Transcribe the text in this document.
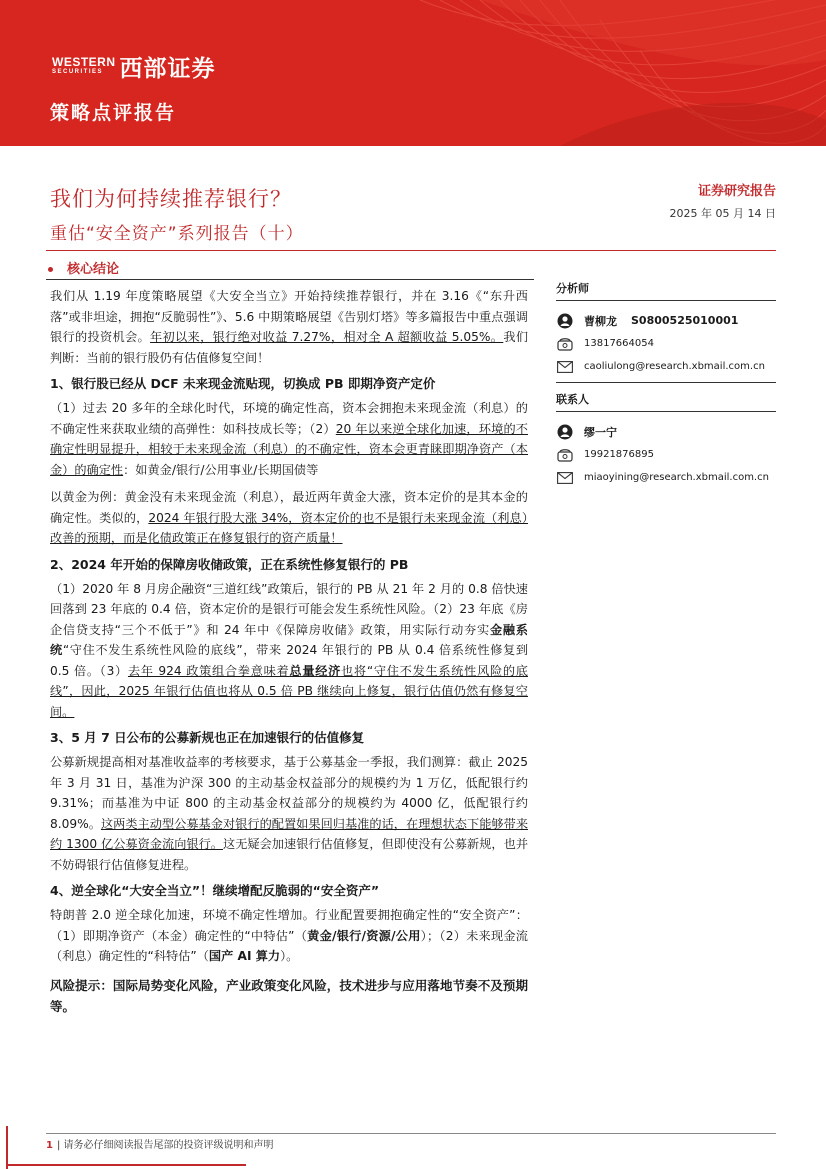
WESTERN
SECURITIES 西部证券
策略点评报告
我们为何持续推荐银行？
重估“安全资产”系列报告（十）
证券研究报告
2025 年 05 月 14 日
核心结论

我们从 1.19 年度策略展望《大安全当立》开始持续推荐银行，并在 3.16《“东升西落”或非坦途，拥抱“反脆弱性”》、5.6 中期策略展望《告别灯塔》等多篇报告中重点强调银行的投资机会。年初以来，银行绝对收益 7.27%，相对全 A 超额收益 5.05%。我们判断：当前的银行股仍有估值修复空间！

1、银行股已经从 DCF 未来现金流贴现，切换成 PB 即期净资产定价

（1）过去 20 多年的全球化时代，环境的确定性高，资本会拥抱未来现金流（利息）的不确定性来获取业绩的高弹性：如科技成长等；（2）20 年以来逆全球化加速，环境的不确定性明显提升，相较于未来现金流（利息）的不确定性，资本会更青睐即期净资产（本金）的确定性：如黄金/银行/公用事业/长期国债等

以黄金为例：黄金没有未来现金流（利息），最近两年黄金大涨，资本定价的是其本金的确定性。类似的，2024 年银行股大涨 34%，资本定价的也不是银行未来现金流（利息）改善的预期，而是化债政策正在修复银行的资产质量！

2、2024 年开始的保障房收储政策，正在系统性修复银行的 PB

（1）2020 年 8 月房企融资“三道红线”政策后，银行的 PB 从 21 年 2 月的 0.8 倍快速回落到 23 年底的 0.4 倍，资本定价的是银行可能会发生系统性风险。（2）23 年底《房企信贷支持“三个不低于”》和 24 年中《保障房收储》政策，用实际行动夯实金融系统“守住不发生系统性风险的底线”，带来 2024 年银行的 PB 从 0.4 倍系统性修复到 0.5 倍。（3）去年 924 政策组合拳意味着总量经济也将“守住不发生系统性风险的底线”，因此，2025 年银行估值也将从 0.5 倍 PB 继续向上修复，银行估值仍然有修复空间。

3、5 月 7 日公布的公募新规也正在加速银行的估值修复

公募新规提高相对基准收益率的考核要求，基于公募基金一季报，我们测算：截止 2025 年 3 月 31 日，基准为沪深 300 的主动基金权益部分的规模约为 1 万亿，低配银行约 9.31%；而基准为中证 800 的主动基金权益部分的规模约为 4000 亿，低配银行约 8.09%。这两类主动型公募基金对银行的配置如果回归基准的话，在理想状态下能够带来约 1300 亿公募资金流向银行。这无疑会加速银行估值修复，但即使没有公募新规，也并不妨碍银行估值修复进程。

4、逆全球化“大安全当立”！继续增配反脆弱的“安全资产”

特朗普 2.0 逆全球化加速，环境不确定性增加。行业配置要拥抱确定性的“安全资产”：（1）即期净资产（本金）确定性的“中特估”（黄金/银行/资源/公用）；（2）未来现金流（利息）确定性的“科特估”（国产 AI 算力）。

风险提示：国际局势变化风险，产业政策变化风险，技术进步与应用落地节奏不及预期等。

分析师
曹柳龙 S0800525010001
13817664054
caoliulong@research.xbmail.com.cn
联系人
缪一宁
19921876895
miaoyining@research.xbmail.com.cn
1 | 请务必仔细阅读报告尾部的投资评级说明和声明
